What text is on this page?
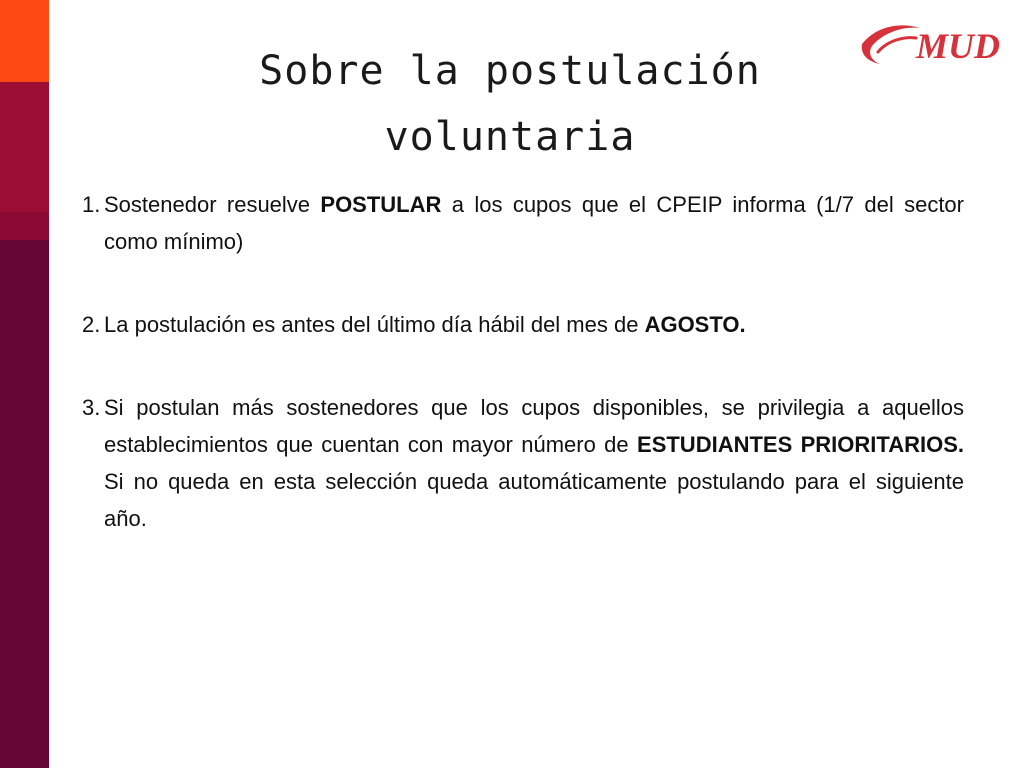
MUD
Sobre la postulación voluntaria
1. Sostenedor resuelve POSTULAR a los cupos que el CPEIP informa (1/7 del sector como mínimo)
2. La postulación es antes del último día hábil del mes de AGOSTO.
3. Si postulan más sostenedores que los cupos disponibles, se privilegia a aquellos establecimientos que cuentan con mayor número de ESTUDIANTES PRIORITARIOS. Si no queda en esta selección queda automáticamente postulando para el siguiente año.
